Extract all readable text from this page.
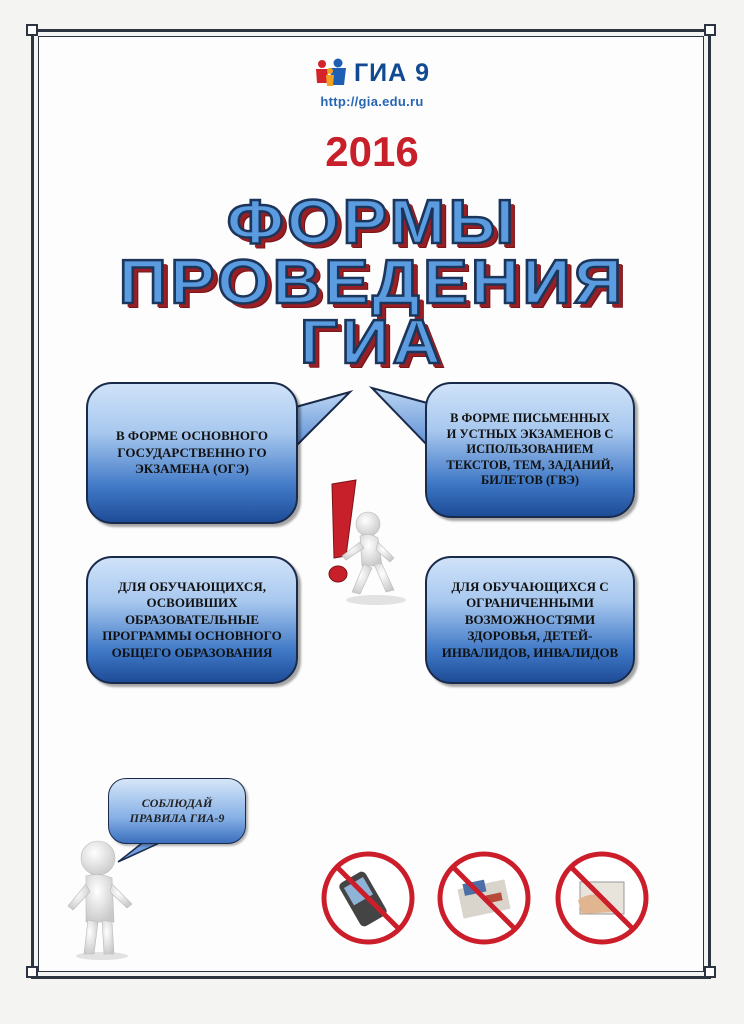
ГИА 9
http://gia.edu.ru
2016
ФОРМЫ
ПРОВЕДЕНИЯ
ГИА
В ФОРМЕ ОСНОВНОГО ГОСУДАРСТВЕННО ГО ЭКЗАМЕНА (ОГЭ)
В ФОРМЕ ПИСЬМЕННЫХ И УСТНЫХ ЭКЗАМЕНОВ С ИСПОЛЬЗОВАНИЕМ ТЕКСТОВ, ТЕМ, ЗАДАНИЙ, БИЛЕТОВ (ГВЭ)
ДЛЯ ОБУЧАЮЩИХСЯ, ОСВОИВШИХ ОБРАЗОВАТЕЛЬНЫЕ ПРОГРАММЫ ОСНОВНОГО ОБЩЕГО ОБРАЗОВАНИЯ
ДЛЯ ОБУЧАЮЩИХСЯ С ОГРАНИЧЕННЫМИ ВОЗМОЖНОСТЯМИ ЗДОРОВЬЯ, ДЕТЕЙ-ИНВАЛИДОВ, ИНВАЛИДОВ
СОБЛЮДАЙ ПРАВИЛА ГИА-9
